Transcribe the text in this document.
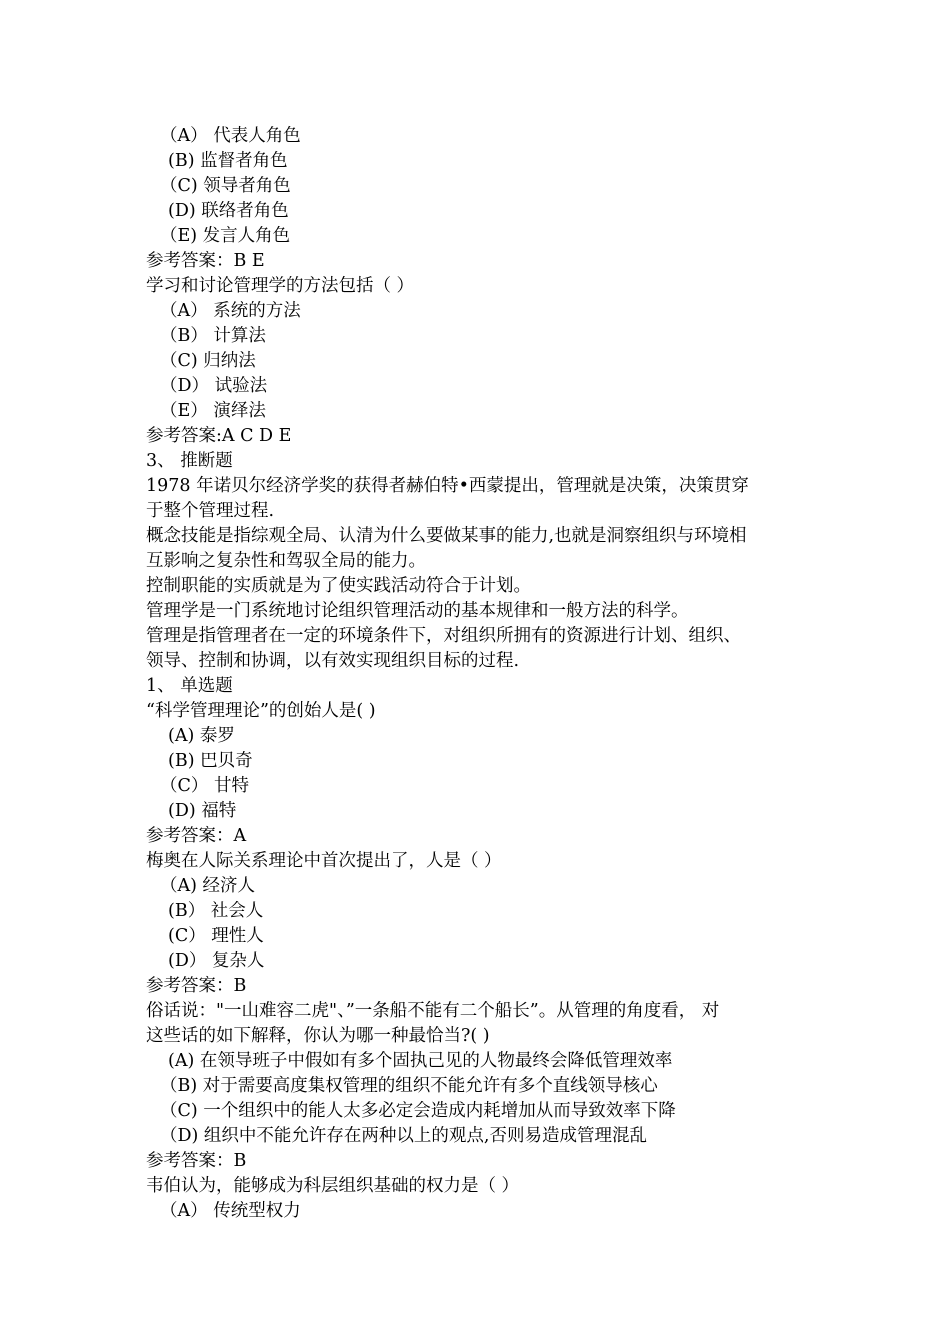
（A） 代表人角色
(B) 监督者角色
（C) 领导者角色
(D) 联络者角色
（E) 发言人角色
参考答案：B E
学习和讨论管理学的方法包括（ ）
（A） 系统的方法
（B） 计算法
（C) 归纳法
（D） 试验法
（E） 演绎法
参考答案:A C D E
3、 推断题
1978 年诺贝尔经济学奖的获得者赫伯特•西蒙提出，管理就是决策，决策贯穿
于整个管理过程.
概念技能是指综观全局、认清为什么要做某事的能力,也就是洞察组织与环境相
互影响之复杂性和驾驭全局的能力。
控制职能的实质就是为了使实践活动符合于计划。
管理学是一门系统地讨论组织管理活动的基本规律和一般方法的科学。
管理是指管理者在一定的环境条件下，对组织所拥有的资源进行计划、组织、
领导、控制和协调，以有效实现组织目标的过程.
1、 单选题
“科学管理理论”的创始人是( )
(A) 泰罗
(B) 巴贝奇
（C） 甘特
(D) 福特
参考答案：A
梅奥在人际关系理论中首次提出了，人是（ ）
（A) 经济人
(B） 社会人
(C） 理性人
(D） 复杂人
参考答案：B
俗话说："一山难容二虎"、”一条船不能有二个船长”。从管理的角度看， 对
这些话的如下解释，你认为哪一种最恰当?( )
(A) 在领导班子中假如有多个固执己见的人物最终会降低管理效率
（B) 对于需要高度集权管理的组织不能允许有多个直线领导核心
（C) 一个组织中的能人太多必定会造成内耗增加从而导致效率下降
（D) 组织中不能允许存在两种以上的观点,否则易造成管理混乱
参考答案：B
韦伯认为，能够成为科层组织基础的权力是（ ）
（A） 传统型权力
